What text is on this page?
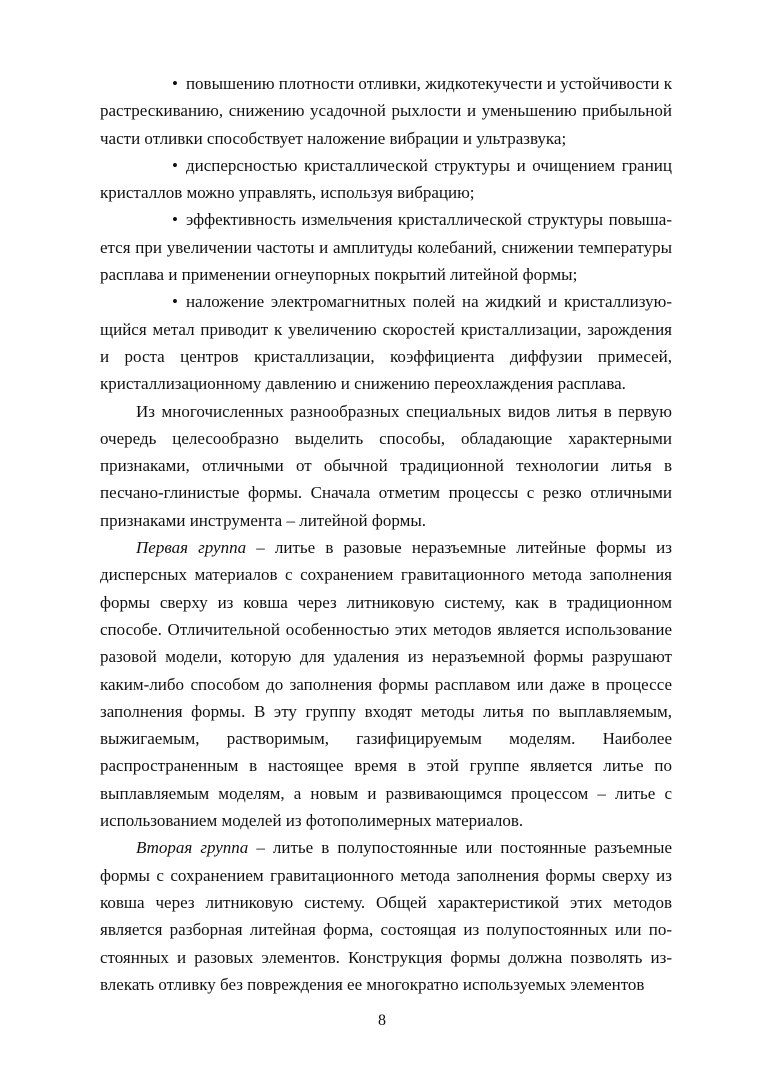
• повышению плотности отливки, жидкотекучести и устойчивости к растрескиванию, снижению усадочной рыхлости и уменьшению прибыльной части отливки способствует наложение вибрации и ультразвука;

• дисперсностью кристаллической структуры и очищением границ кристаллов можно управлять, используя вибрацию;

• эффективность измельчения кристаллической структуры повышается при увеличении частоты и амплитуды колебаний, снижении температуры расплава и применении огнеупорных покрытий литейной формы;

• наложение электромагнитных полей на жидкий и кристаллизующийся метал приводит к увеличению скоростей кристаллизации, зарождения и роста центров кристаллизации, коэффициента диффузии примесей, кристаллизационному давлению и снижению переохлаждения расплава.

Из многочисленных разнообразных специальных видов литья в первую очередь целесообразно выделить способы, обладающие характерными признаками, отличными от обычной традиционной технологии литья в песчано-глинистые формы. Сначала отметим процессы с резко отличными признаками инструмента – литейной формы.

Первая группа – литье в разовые неразъемные литейные формы из дисперсных материалов с сохранением гравитационного метода заполнения формы сверху из ковша через литниковую систему, как в традиционном способе. Отличительной особенностью этих методов является использование разовой модели, которую для удаления из неразъемной формы разрушают каким-либо способом до заполнения формы расплавом или даже в процессе заполнения формы. В эту группу входят методы литья по выплавляемым, выжигаемым, растворимым, газифицируемым моделям. Наиболее распространенным в настоящее время в этой группе является литье по выплавляемым моделям, а новым и развивающимся процессом – литье с использованием моделей из фотополимерных материалов.

Вторая группа – литье в полупостоянные или постоянные разъемные формы с сохранением гравитационного метода заполнения формы сверху из ковша через литниковую систему. Общей характеристикой этих методов является разборная литейная форма, состоящая из полупостоянных или постоянных и разовых элементов. Конструкция формы должна позволять извлекать отливку без повреждения ее многократно используемых элементов

8
